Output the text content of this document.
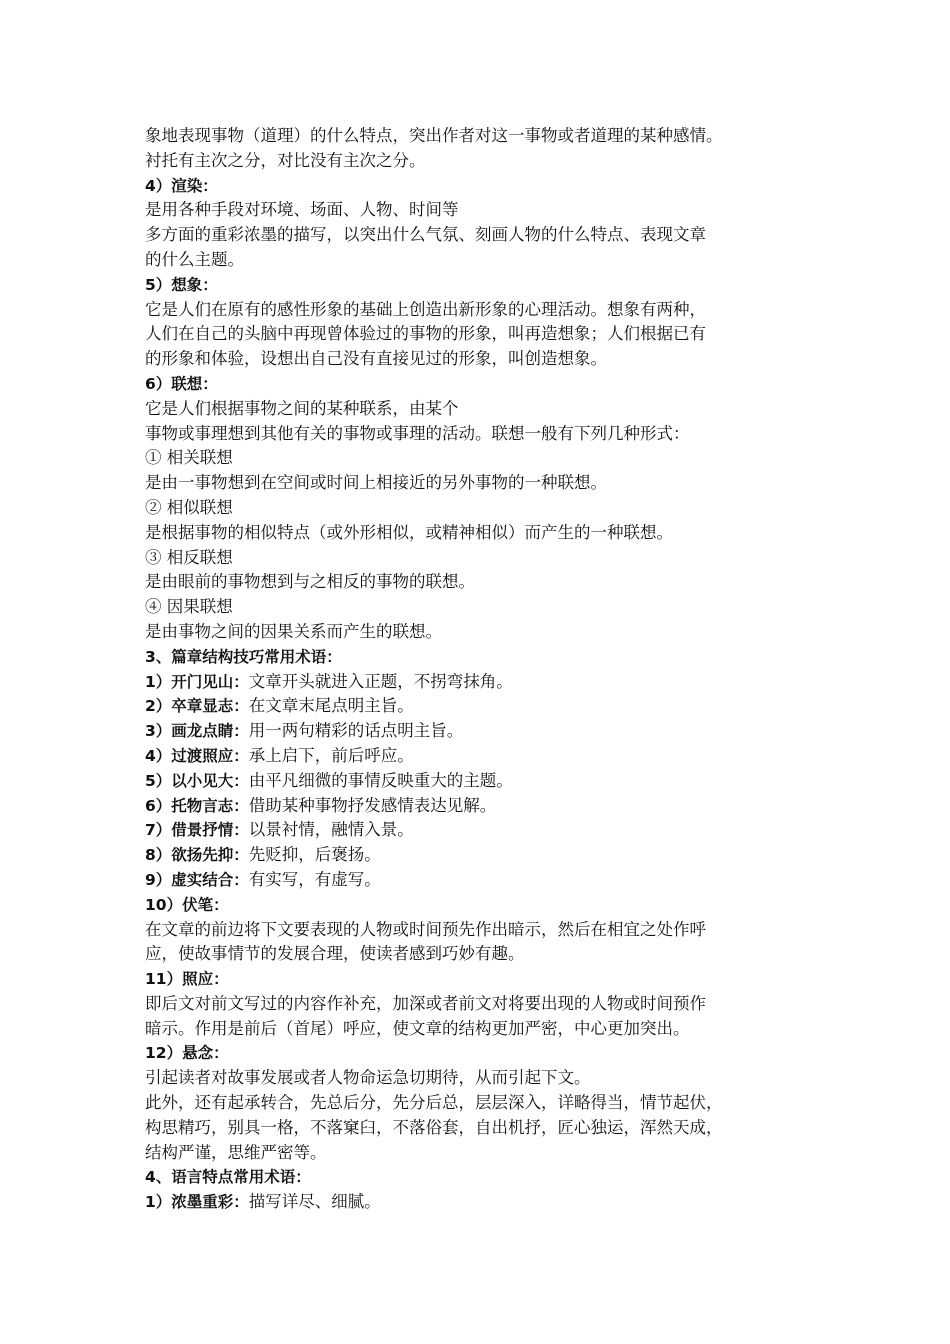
象地表现事物（道理）的什么特点，突出作者对这一事物或者道理的某种感情。
衬托有主次之分，对比没有主次之分。
4）渲染：
是用各种手段对环境、场面、人物、时间等
多方面的重彩浓墨的描写，以突出什么气氛、刻画人物的什么特点、表现文章
的什么主题。
5）想象：
它是人们在原有的感性形象的基础上创造出新形象的心理活动。想象有两种，
人们在自己的头脑中再现曾体验过的事物的形象，叫再造想象；人们根据已有
的形象和体验，设想出自己没有直接见过的形象，叫创造想象。
6）联想：
它是人们根据事物之间的某种联系，由某个
事物或事理想到其他有关的事物或事理的活动。联想一般有下列几种形式：
① 相关联想
是由一事物想到在空间或时间上相接近的另外事物的一种联想。
② 相似联想
是根据事物的相似特点（或外形相似，或精神相似）而产生的一种联想。
③ 相反联想
是由眼前的事物想到与之相反的事物的联想。
④ 因果联想
是由事物之间的因果关系而产生的联想。
3、篇章结构技巧常用术语：
1）开门见山：文章开头就进入正题，不拐弯抹角。
2）卒章显志：在文章末尾点明主旨。
3）画龙点睛：用一两句精彩的话点明主旨。
4）过渡照应：承上启下，前后呼应。
5）以小见大：由平凡细微的事情反映重大的主题。
6）托物言志：借助某种事物抒发感情表达见解。
7）借景抒情：以景衬情，融情入景。
8）欲扬先抑：先贬抑，后褒扬。
9）虚实结合：有实写，有虚写。
10）伏笔：
在文章的前边将下文要表现的人物或时间预先作出暗示，然后在相宜之处作呼
应，使故事情节的发展合理，使读者感到巧妙有趣。
11）照应：
即后文对前文写过的内容作补充，加深或者前文对将要出现的人物或时间预作
暗示。作用是前后（首尾）呼应，使文章的结构更加严密，中心更加突出。
12）悬念：
引起读者对故事发展或者人物命运急切期待，从而引起下文。
此外，还有起承转合，先总后分，先分后总，层层深入，详略得当，情节起伏，
构思精巧，别具一格，不落窠臼，不落俗套，自出机抒，匠心独运，浑然天成，
结构严谨，思维严密等。
4、语言特点常用术语：
1）浓墨重彩：描写详尽、细腻。
